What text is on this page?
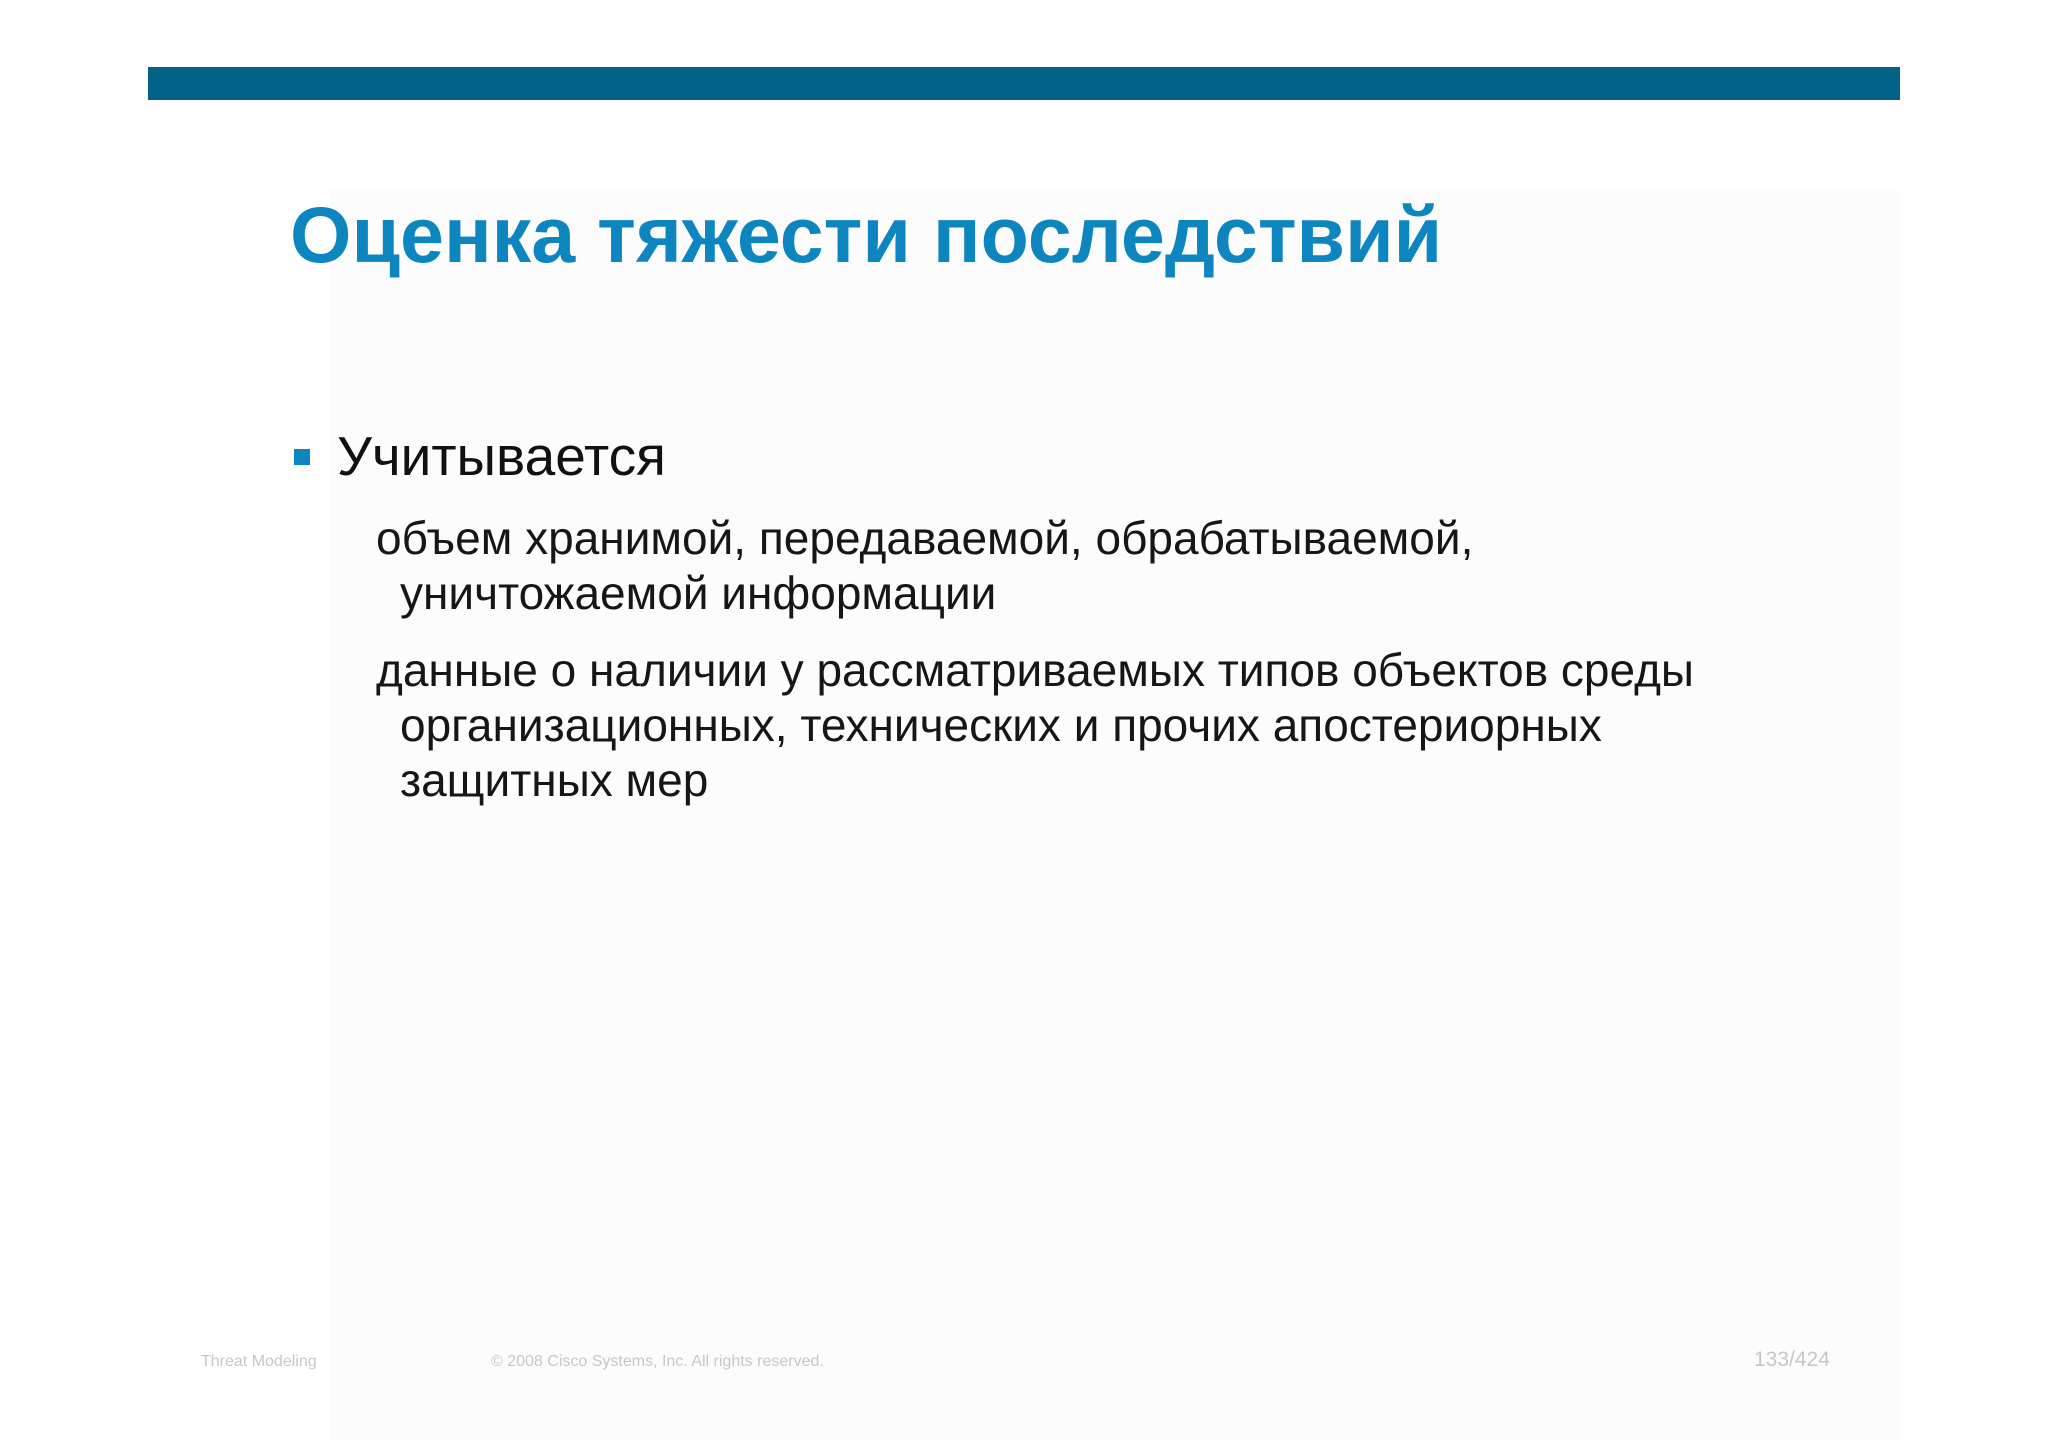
Оценка тяжести последствий
Учитывается

объем хранимой, передаваемой, обрабатываемой,
уничтожаемой информации

данные о наличии у рассматриваемых типов объектов среды
организационных, технических и прочих апостериорных
защитных мер

Threat Modeling	© 2008 Cisco Systems, Inc. All rights reserved.	133/424
